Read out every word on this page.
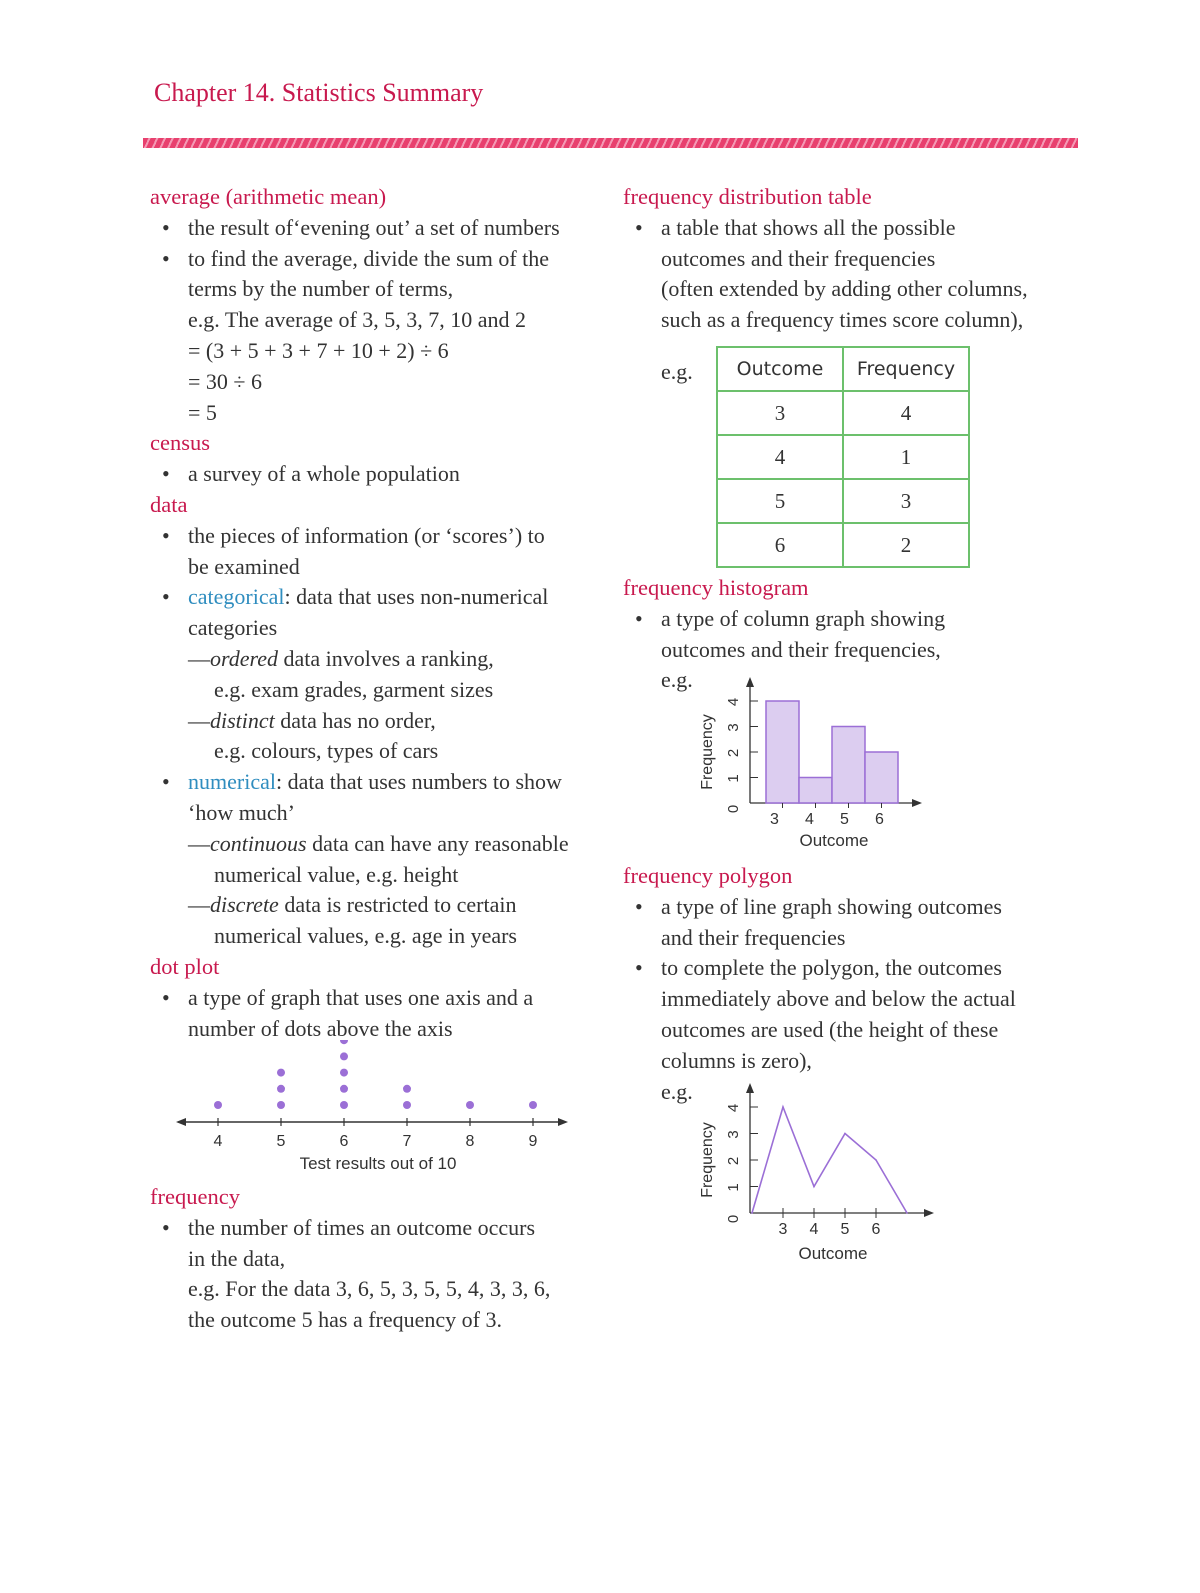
Chapter 14. Statistics Summary
average (arithmetic mean)
• the result of‘evening out’ a set of numbers
• to find the average, divide the sum of the
terms by the number of terms,
e.g. The average of 3, 5, 3, 7, 10 and 2
= (3 + 5 + 3 + 7 + 10 + 2) ÷ 6
= 30 ÷ 6
= 5
census
• a survey of a whole population
data
• the pieces of information (or ‘scores’) to
be examined
• categorical: data that uses non-numerical
categories
—ordered data involves a ranking,
e.g. exam grades, garment sizes
—distinct data has no order,
e.g. colours, types of cars
• numerical: data that uses numbers to show
‘how much’
—continuous data can have any reasonable
numerical value, e.g. height
—discrete data is restricted to certain
numerical values, e.g. age in years
dot plot
• a type of graph that uses one axis and a
number of dots above the axis
Test results out of 10
4	5	6	7	8	9
frequency
• the number of times an outcome occurs
in the data,
e.g. For the data 3, 6, 5, 3, 5, 5, 4, 3, 3, 6,
the outcome 5 has a frequency of 3.
frequency distribution table
• a table that shows all the possible
outcomes and their frequencies
(often extended by adding other columns,
such as a frequency times score column),
e.g. Outcome	Frequency
3	4
4	1
5	3
6	2
frequency histogram
• a type of column graph showing
outcomes and their frequencies,
e.g.
Frequency
Outcome
0
1
2
3
4
3 4 5 6
frequency polygon
• a type of line graph showing outcomes
and their frequencies
• to complete the polygon, the outcomes
immediately above and below the actual
outcomes are used (the height of these
columns is zero),
e.g.
Frequency
Outcome
0
1
2
3
4
3 4 5 6
